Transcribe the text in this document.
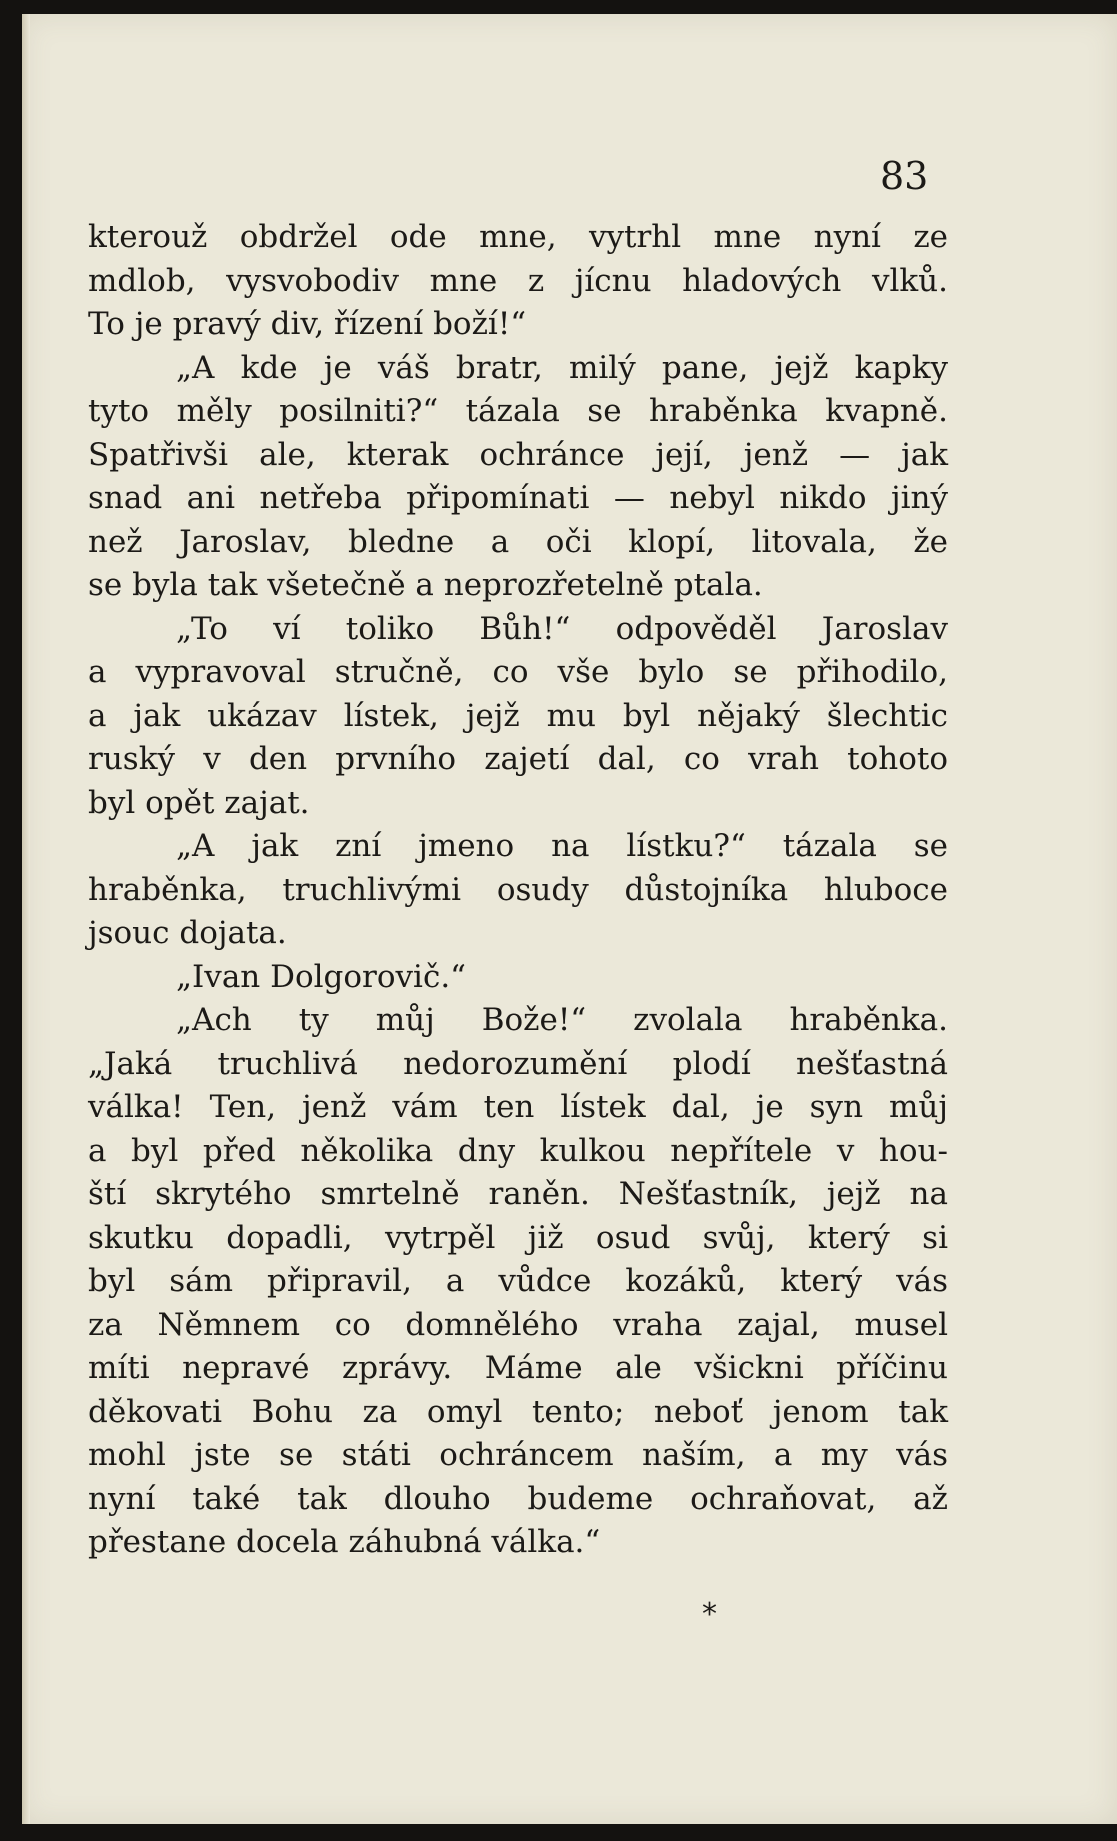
83

kterouž obdržel ode mne, vytrhl mne nyní ze
mdlob, vysvobodiv mne z jícnu hladových vlků.
To je pravý div, řízení boží!“

„A kde je váš bratr, milý pane, jejž kapky
tyto měly posilniti?“ tázala se hraběnka kvapně.
Spatřivši ale, kterak ochránce její, jenž — jak
snad ani netřeba připomínati — nebyl nikdo jiný
než Jaroslav, bledne a oči klopí, litovala, že
se byla tak všetečně a neprozřetelně ptala.

„To ví toliko Bůh!“ odpověděl Jaroslav
a vypravoval stručně, co vše bylo se přihodilo,
a jak ukázav lístek, jejž mu byl nějaký šlechtic
ruský v den prvního zajetí dal, co vrah tohoto
byl opět zajat.

„A jak zní jmeno na lístku?“ tázala se
hraběnka, truchlivými osudy důstojníka hluboce
jsouc dojata.

„Ivan Dolgorovič.“

„Ach ty můj Bože!“ zvolala hraběnka.
„Jaká truchlivá nedorozumění plodí nešťastná
válka! Ten, jenž vám ten lístek dal, je syn můj
a byl před několika dny kulkou nepřítele v hou-
ští skrytého smrtelně raněn. Nešťastník, jejž na
skutku dopadli, vytrpěl již osud svůj, který si
byl sám připravil, a vůdce kozáků, který vás
za Němnem co domnělého vraha zajal, musel
míti nepravé zprávy. Máme ale všickni příčinu
děkovati Bohu za omyl tento; neboť jenom tak
mohl jste se státi ochráncem naším, a my vás
nyní také tak dlouho budeme ochraňovat, až
přestane docela záhubná válka.“

*
